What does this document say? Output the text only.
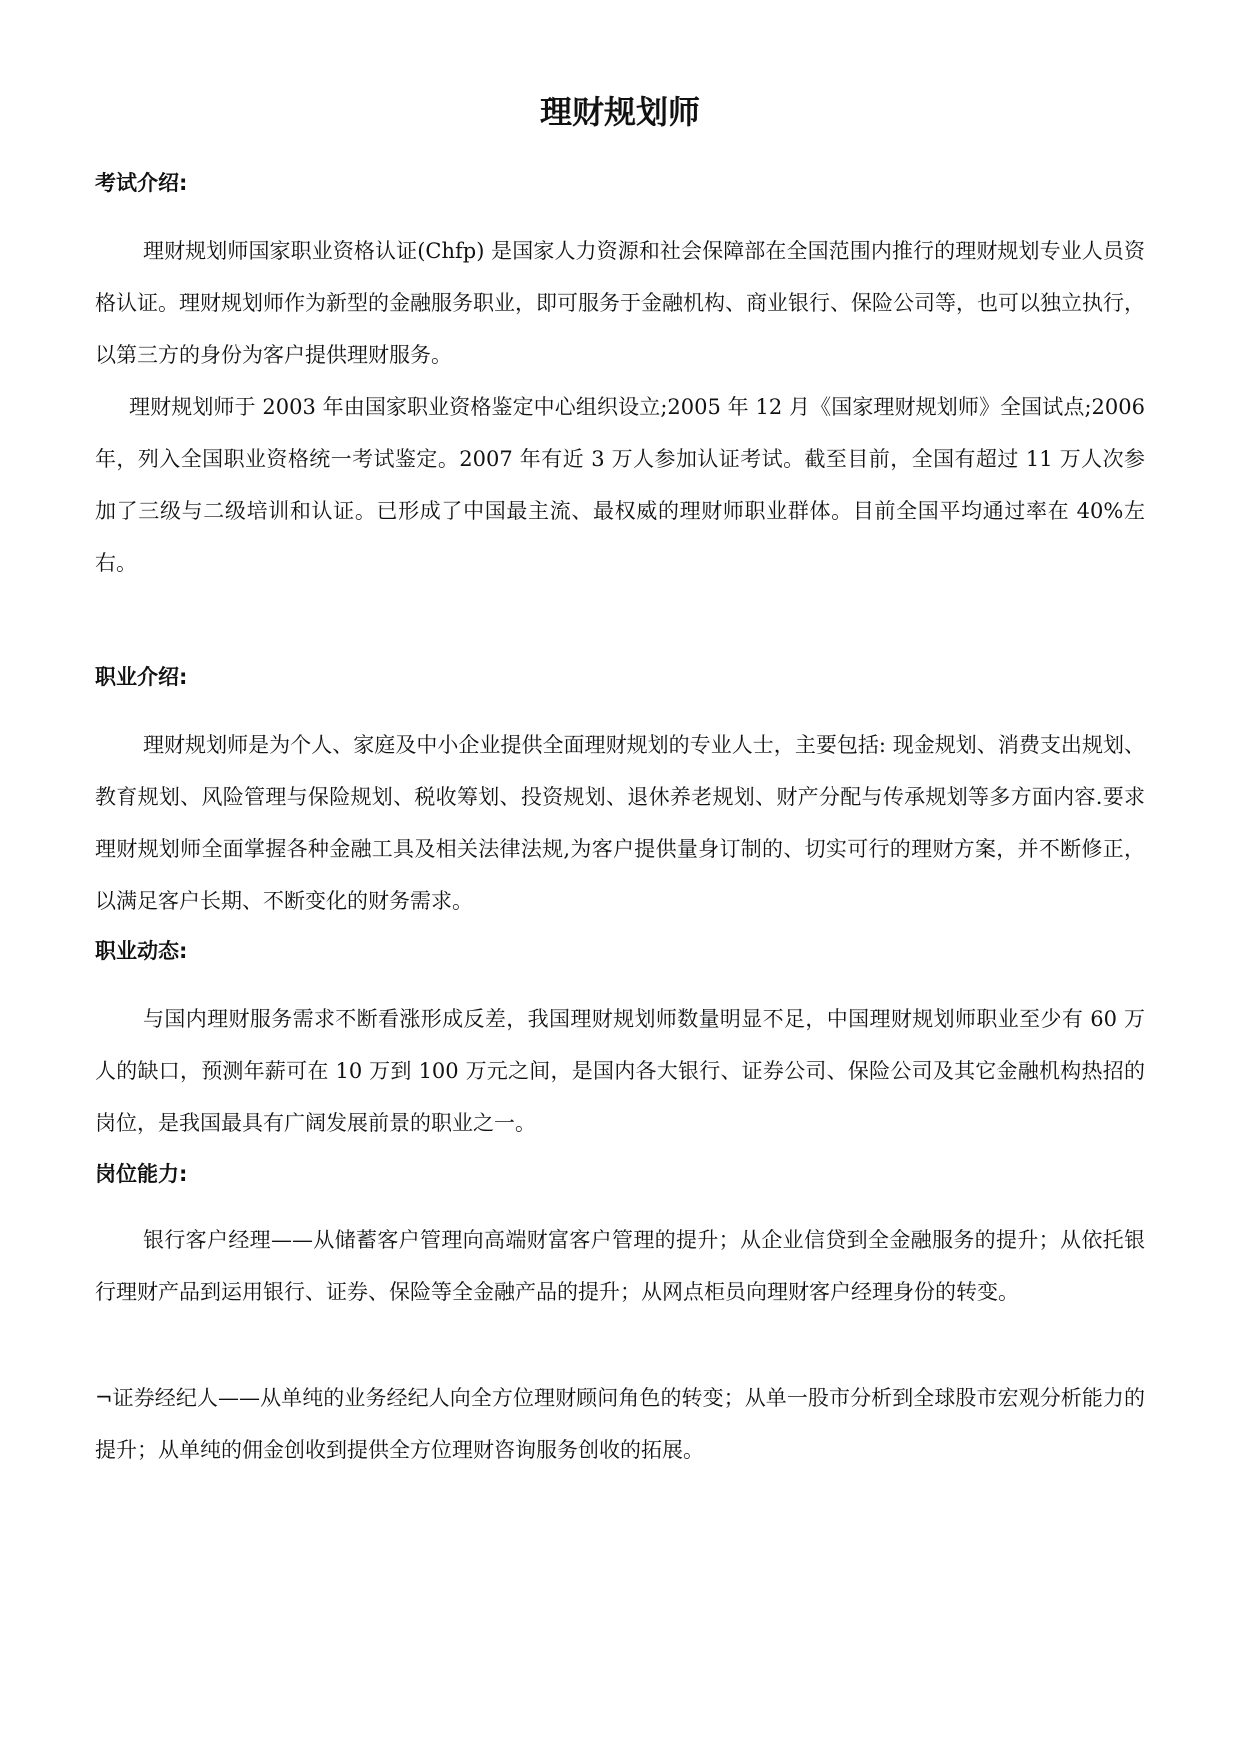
理财规划师
考试介绍:

理财规划师国家职业资格认证(Chfp) 是国家人力资源和社会保障部在全国范围内推行的理财规划专业人员资格认证。理财规划师作为新型的金融服务职业，即可服务于金融机构、商业银行、保险公司等，也可以独立执行，以第三方的身份为客户提供理财服务。

理财规划师于 2003 年由国家职业资格鉴定中心组织设立;2005 年 12 月《国家理财规划师》全国试点;2006 年，列入全国职业资格统一考试鉴定。2007 年有近 3 万人参加认证考试。截至目前，全国有超过 11 万人次参加了三级与二级培训和认证。已形成了中国最主流、最权威的理财师职业群体。目前全国平均通过率在 40%左右。

职业介绍:

理财规划师是为个人、家庭及中小企业提供全面理财规划的专业人士，主要包括: 现金规划、消费支出规划、教育规划、风险管理与保险规划、税收筹划、投资规划、退休养老规划、财产分配与传承规划等多方面内容.要求理财规划师全面掌握各种金融工具及相关法律法规,为客户提供量身订制的、切实可行的理财方案，并不断修正，以满足客户长期、不断变化的财务需求。

职业动态:

与国内理财服务需求不断看涨形成反差，我国理财规划师数量明显不足，中国理财规划师职业至少有 60 万人的缺口，预测年薪可在 10 万到 100 万元之间，是国内各大银行、证券公司、保险公司及其它金融机构热招的岗位，是我国最具有广阔发展前景的职业之一。

岗位能力:

银行客户经理——从储蓄客户管理向高端财富客户管理的提升；从企业信贷到全金融服务的提升；从依托银行理财产品到运用银行、证券、保险等全金融产品的提升；从网点柜员向理财客户经理身份的转变。

¬证券经纪人——从单纯的业务经纪人向全方位理财顾问角色的转变；从单一股市分析到全球股市宏观分析能力的提升；从单纯的佣金创收到提供全方位理财咨询服务创收的拓展。
